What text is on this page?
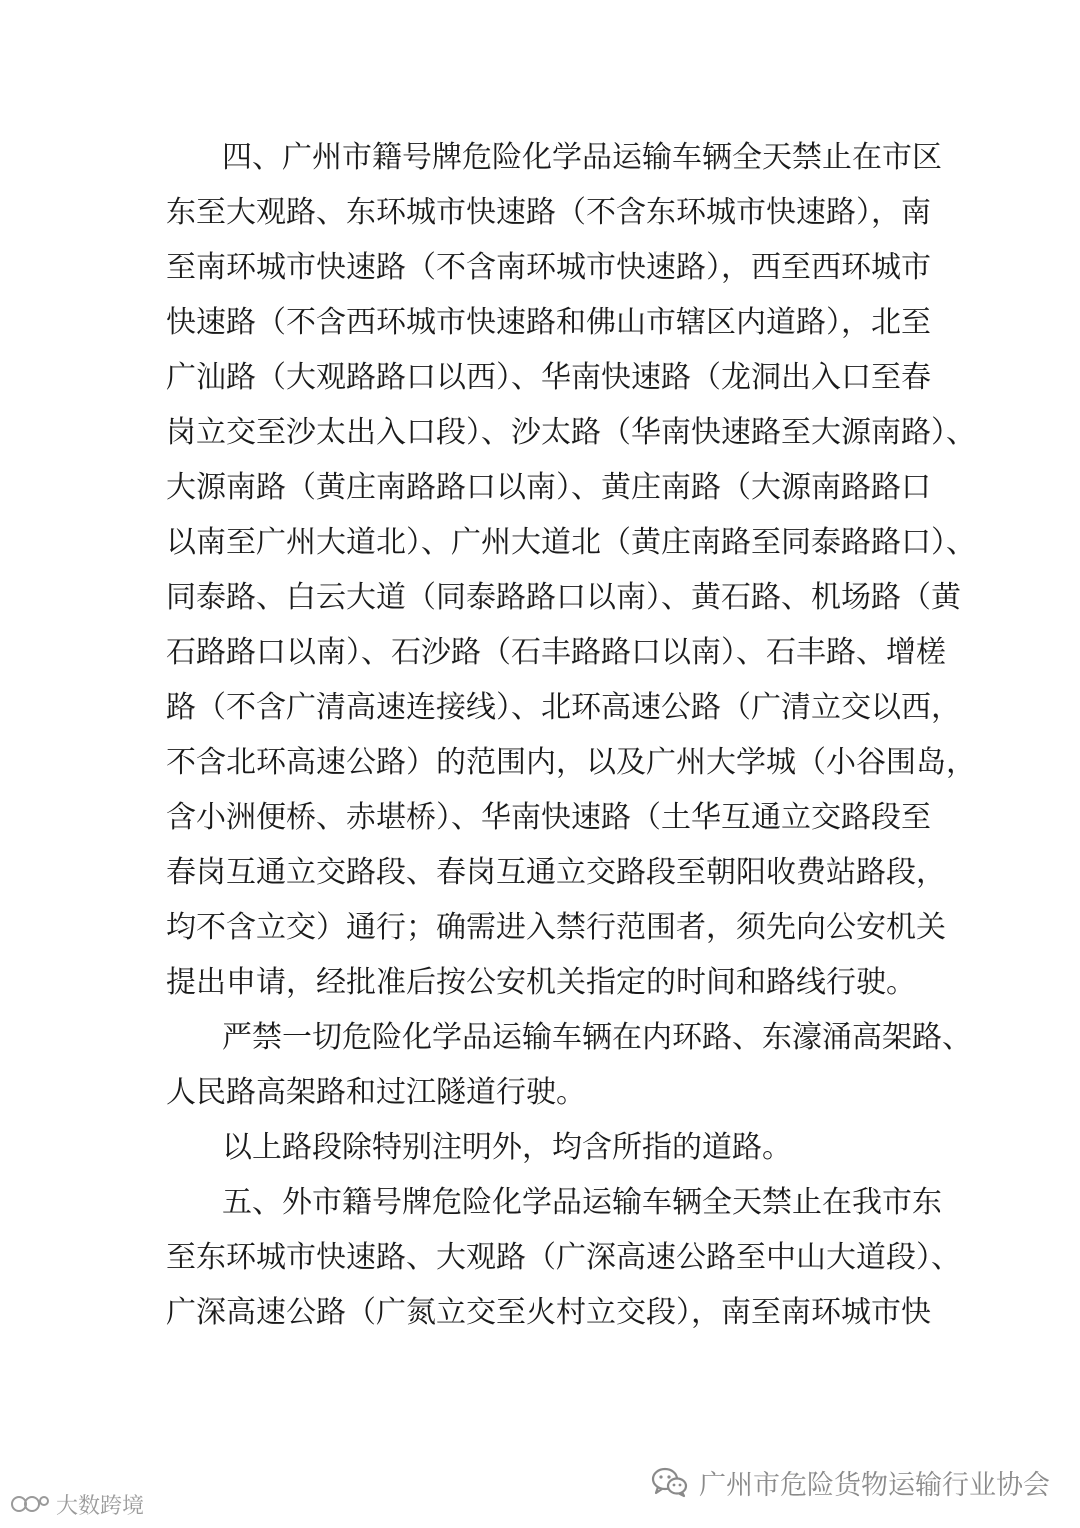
四、广州市籍号牌危险化学品运输车辆全天禁止在市区
东至大观路、东环城市快速路（不含东环城市快速路），南
至南环城市快速路（不含南环城市快速路），西至西环城市
快速路（不含西环城市快速路和佛山市辖区内道路），北至
广汕路（大观路路口以西）、华南快速路（龙洞出入口至春
岗立交至沙太出入口段）、沙太路（华南快速路至大源南路）、
大源南路（黄庄南路路口以南）、黄庄南路（大源南路路口
以南至广州大道北）、广州大道北（黄庄南路至同泰路路口）、
同泰路、白云大道（同泰路路口以南）、黄石路、机场路（黄
石路路口以南）、石沙路（石丰路路口以南）、石丰路、增槎
路（不含广清高速连接线）、北环高速公路（广清立交以西，
不含北环高速公路）的范围内，以及广州大学城（小谷围岛，
含小洲便桥、赤堪桥）、华南快速路（土华互通立交路段至
春岗互通立交路段、春岗互通立交路段至朝阳收费站路段，
均不含立交）通行；确需进入禁行范围者，须先向公安机关
提出申请，经批准后按公安机关指定的时间和路线行驶。
严禁一切危险化学品运输车辆在内环路、东濠涌高架路、
人民路高架路和过江隧道行驶。
以上路段除特别注明外，均含所指的道路。
五、外市籍号牌危险化学品运输车辆全天禁止在我市东
至东环城市快速路、大观路（广深高速公路至中山大道段）、
广深高速公路（广氮立交至火村立交段），南至南环城市快
广州市危险货物运输行业协会
大数跨境
